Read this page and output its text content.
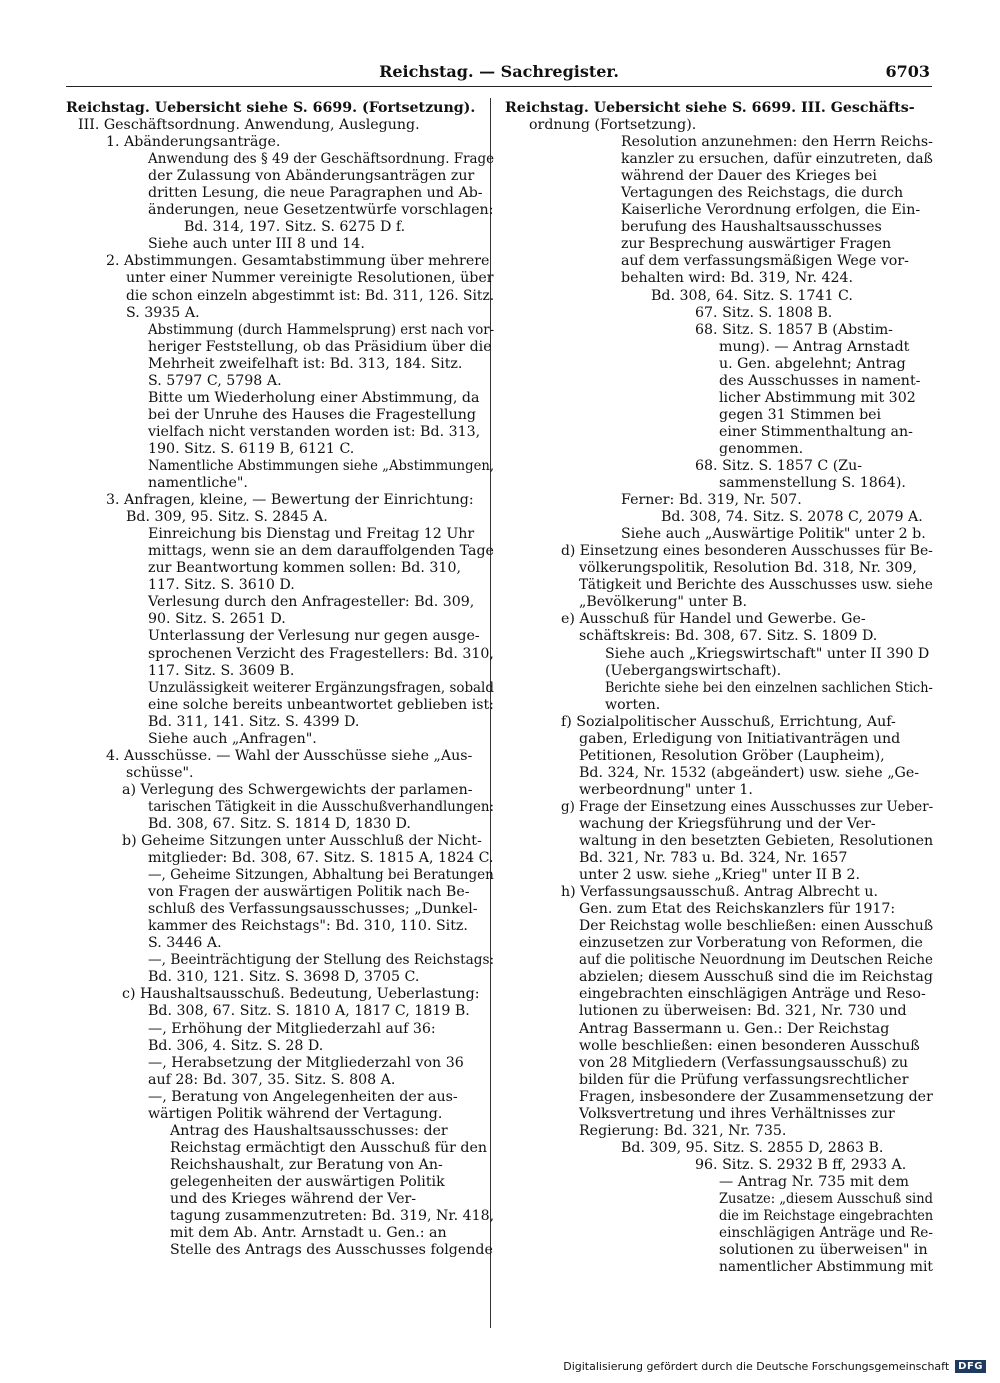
Reichstag. — Sachregister.	6703
Reichstag. Uebersicht siehe S. 6699. (Fortsetzung).
III. Geschäftsordnung. Anwendung, Auslegung.
1. Abänderungsanträge.
Anwendung des § 49 der Geschäftsordnung. Frage
der Zulassung von Abänderungsanträgen zur
dritten Lesung, die neue Paragraphen und Ab-
änderungen, neue Gesetzentwürfe vorschlagen:
Bd. 314, 197. Sitz. S. 6275 D f.
Siehe auch unter III 8 und 14.
2. Abstimmungen. Gesamtabstimmung über mehrere
unter einer Nummer vereinigte Resolutionen, über
die schon einzeln abgestimmt ist: Bd. 311, 126. Sitz.
S. 3935 A.
Abstimmung (durch Hammelsprung) erst nach vor-
heriger Feststellung, ob das Präsidium über die
Mehrheit zweifelhaft ist: Bd. 313, 184. Sitz.
S. 5797 C, 5798 A.
Bitte um Wiederholung einer Abstimmung, da
bei der Unruhe des Hauses die Fragestellung
vielfach nicht verstanden worden ist: Bd. 313,
190. Sitz. S. 6119 B, 6121 C.
Namentliche Abstimmungen siehe „Abstimmungen,
namentliche".
3. Anfragen, kleine, — Bewertung der Einrichtung:
Bd. 309, 95. Sitz. S. 2845 A.
Einreichung bis Dienstag und Freitag 12 Uhr
mittags, wenn sie an dem darauffolgenden Tage
zur Beantwortung kommen sollen: Bd. 310,
117. Sitz. S. 3610 D.
Verlesung durch den Anfragesteller: Bd. 309,
90. Sitz. S. 2651 D.
Unterlassung der Verlesung nur gegen ausge-
sprochenen Verzicht des Fragestellers: Bd. 310,
117. Sitz. S. 3609 B.
Unzulässigkeit weiterer Ergänzungsfragen, sobald
eine solche bereits unbeantwortet geblieben ist:
Bd. 311, 141. Sitz. S. 4399 D.
Siehe auch „Anfragen".
4. Ausschüsse. — Wahl der Ausschüsse siehe „Aus-
schüsse".
a) Verlegung des Schwergewichts der parlamen-
tarischen Tätigkeit in die Ausschußverhandlungen:
Bd. 308, 67. Sitz. S. 1814 D, 1830 D.
b) Geheime Sitzungen unter Ausschluß der Nicht-
mitglieder: Bd. 308, 67. Sitz. S. 1815 A, 1824 C.
—, Geheime Sitzungen, Abhaltung bei Beratungen
von Fragen der auswärtigen Politik nach Be-
schluß des Verfassungsausschusses; „Dunkel-
kammer des Reichstags": Bd. 310, 110. Sitz.
S. 3446 A.
—, Beeinträchtigung der Stellung des Reichstags:
Bd. 310, 121. Sitz. S. 3698 D, 3705 C.
c) Haushaltsausschuß. Bedeutung, Ueberlastung:
Bd. 308, 67. Sitz. S. 1810 A, 1817 C, 1819 B.
—, Erhöhung der Mitgliederzahl auf 36:
Bd. 306, 4. Sitz. S. 28 D.
—, Herabsetzung der Mitgliederzahl von 36
auf 28: Bd. 307, 35. Sitz. S. 808 A.
—, Beratung von Angelegenheiten der aus-
wärtigen Politik während der Vertagung.
Antrag des Haushaltsausschusses: der
Reichstag ermächtigt den Ausschuß für den
Reichshaushalt, zur Beratung von An-
gelegenheiten der auswärtigen Politik
und des Krieges während der Ver-
tagung zusammenzutreten: Bd. 319, Nr. 418,
mit dem Ab. Antr. Arnstadt u. Gen.: an
Stelle des Antrags des Ausschusses folgende
Reichstag. Uebersicht siehe S. 6699. III. Geschäfts-
ordnung (Fortsetzung).
Resolution anzunehmen: den Herrn Reichs-
kanzler zu ersuchen, dafür einzutreten, daß
während der Dauer des Krieges bei
Vertagungen des Reichstags, die durch
Kaiserliche Verordnung erfolgen, die Ein-
berufung des Haushaltsausschusses
zur Besprechung auswärtiger Fragen
auf dem verfassungsmäßigen Wege vor-
behalten wird: Bd. 319, Nr. 424.
Bd. 308, 64. Sitz. S. 1741 C.
67. Sitz. S. 1808 B.
68. Sitz. S. 1857 B (Abstim-
mung). — Antrag Arnstadt
u. Gen. abgelehnt; Antrag
des Ausschusses in nament-
licher Abstimmung mit 302
gegen 31 Stimmen bei
einer Stimmenthaltung an-
genommen.
68. Sitz. S. 1857 C (Zu-
sammenstellung S. 1864).
Ferner: Bd. 319, Nr. 507.
Bd. 308, 74. Sitz. S. 2078 C, 2079 A.
Siehe auch „Auswärtige Politik" unter 2 b.
d) Einsetzung eines besonderen Ausschusses für Be-
völkerungspolitik, Resolution Bd. 318, Nr. 309,
Tätigkeit und Berichte des Ausschusses usw. siehe
„Bevölkerung" unter B.
e) Ausschuß für Handel und Gewerbe. Ge-
schäftskreis: Bd. 308, 67. Sitz. S. 1809 D.
Siehe auch „Kriegswirtschaft" unter II 390 D
(Uebergangswirtschaft).
Berichte siehe bei den einzelnen sachlichen Stich-
worten.
f) Sozialpolitischer Ausschuß, Errichtung, Auf-
gaben, Erledigung von Initiativanträgen und
Petitionen, Resolution Gröber (Laupheim),
Bd. 324, Nr. 1532 (abgeändert) usw. siehe „Ge-
werbeordnung" unter 1.
g) Frage der Einsetzung eines Ausschusses zur Ueber-
wachung der Kriegsführung und der Ver-
waltung in den besetzten Gebieten, Resolutionen
Bd. 321, Nr. 783 u. Bd. 324, Nr. 1657
unter 2 usw. siehe „Krieg" unter II B 2.
h) Verfassungsausschuß. Antrag Albrecht u.
Gen. zum Etat des Reichskanzlers für 1917:
Der Reichstag wolle beschließen: einen Ausschuß
einzusetzen zur Vorberatung von Reformen, die
auf die politische Neuordnung im Deutschen Reiche
abzielen; diesem Ausschuß sind die im Reichstag
eingebrachten einschlägigen Anträge und Reso-
lutionen zu überweisen: Bd. 321, Nr. 730 und
Antrag Bassermann u. Gen.: Der Reichstag
wolle beschließen: einen besonderen Ausschuß
von 28 Mitgliedern (Verfassungsausschuß) zu
bilden für die Prüfung verfassungsrechtlicher
Fragen, insbesondere der Zusammensetzung der
Volksvertretung und ihres Verhältnisses zur
Regierung: Bd. 321, Nr. 735.
Bd. 309, 95. Sitz. S. 2855 D, 2863 B.
96. Sitz. S. 2932 B ff, 2933 A.
— Antrag Nr. 735 mit dem
Zusatze: „diesem Ausschuß sind
die im Reichstage eingebrachten
einschlägigen Anträge und Re-
solutionen zu überweisen" in
namentlicher Abstimmung mit
Digitalisierung gefördert durch die Deutsche Forschungsgemeinschaft DFG
